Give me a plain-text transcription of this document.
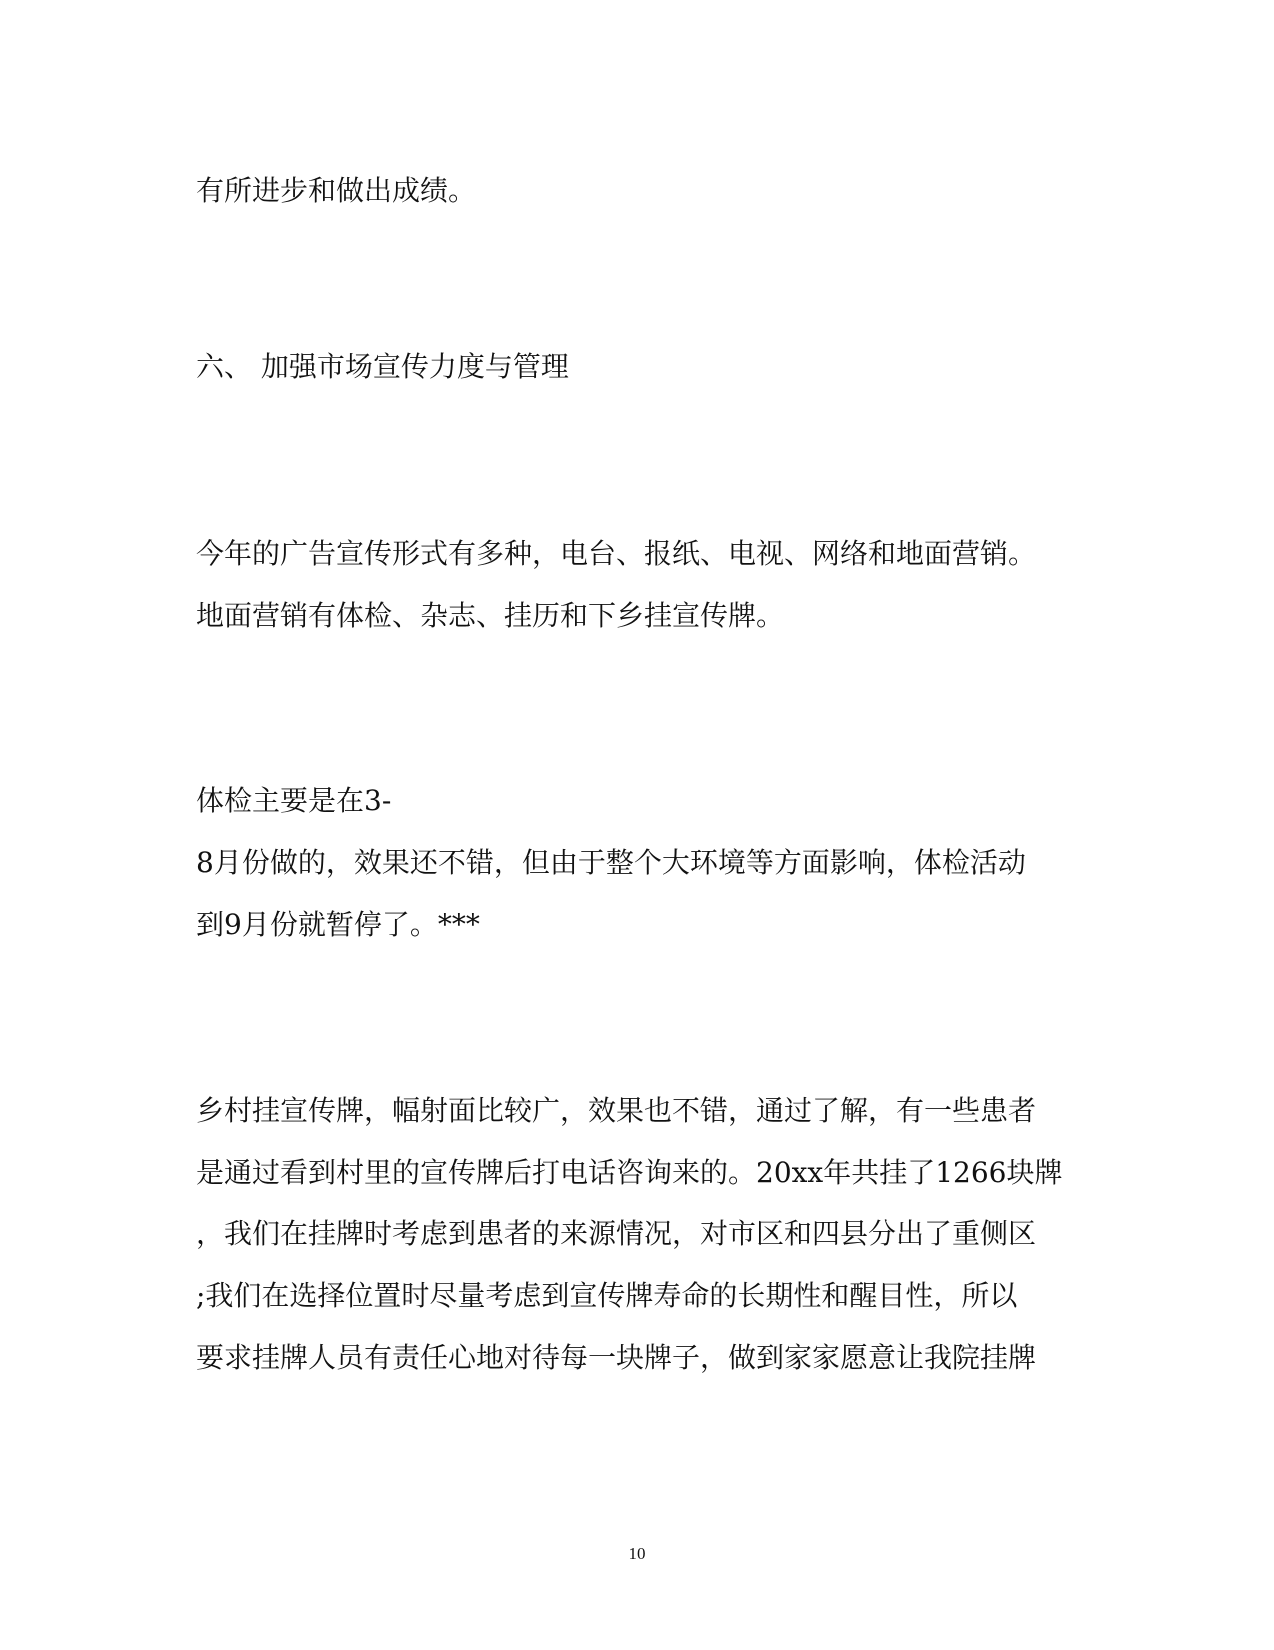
有所进步和做出成绩。
六、 加强市场宣传力度与管理
今年的广告宣传形式有多种，电台、报纸、电视、网络和地面营销。
地面营销有体检、杂志、挂历和下乡挂宣传牌。
体检主要是在3-
8月份做的，效果还不错，但由于整个大环境等方面影响，体检活动
到9月份就暂停了。***
乡村挂宣传牌，幅射面比较广，效果也不错，通过了解，有一些患者
是通过看到村里的宣传牌后打电话咨询来的。20xx年共挂了1266块牌
，我们在挂牌时考虑到患者的来源情况，对市区和四县分出了重侧区
;我们在选择位置时尽量考虑到宣传牌寿命的长期性和醒目性，所以
要求挂牌人员有责任心地对待每一块牌子，做到家家愿意让我院挂牌
10
